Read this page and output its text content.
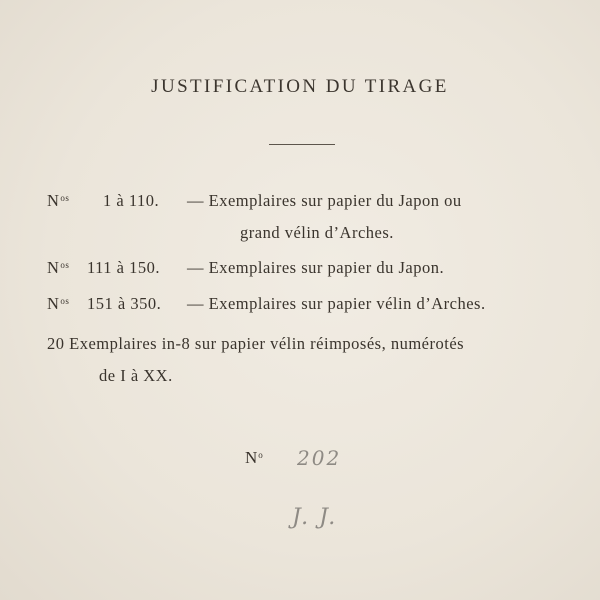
JUSTIFICATION DU TIRAGE
$N^{os}$ 1 à 110. — Exemplaires sur papier du Japon ou
grand vélin d’Arches.
$N^{os}$ 111 à 150. — Exemplaires sur papier du Japon.
$N^{os}$ 151 à 350. — Exemplaires sur papier vélin d’Arches.
20 Exemplaires in-8 sur papier vélin réimposés, numérotés
de I à XX.
$N^o$ 202
J. J.
